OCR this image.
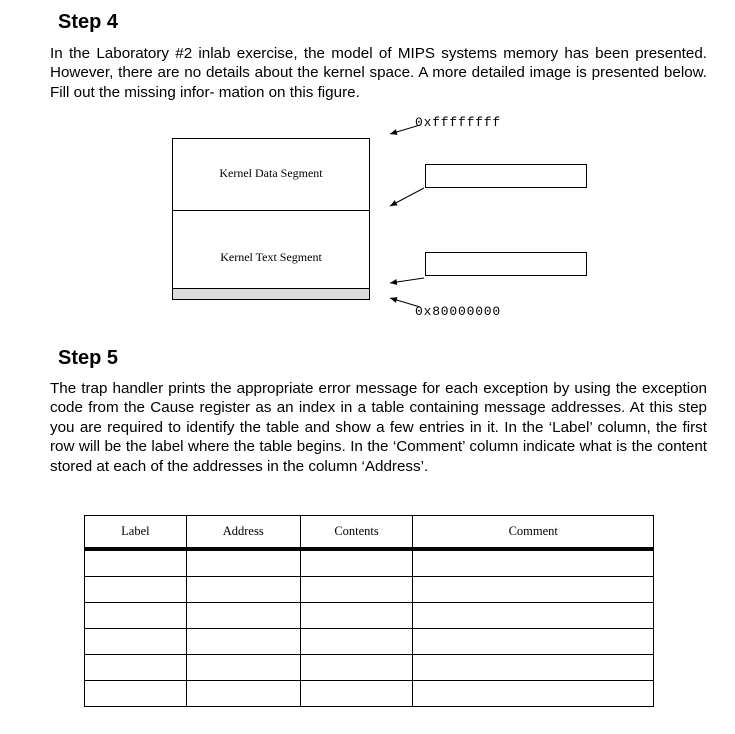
Step 4
In the Laboratory #2 inlab exercise, the model of MIPS systems memory has been presented. However, there are no details about the kernel space. A more detailed image is presented below. Fill out the missing infor- mation on this figure.
0xffffffff
Kernel Data Segment
Kernel Text Segment
0x80000000
Step 5
The trap handler prints the appropriate error message for each exception by using the exception code from the Cause register as an index in a table containing message addresses. At this step you are required to identify the table and show a few entries in it. In the ‘Label’ column, the first row will be the label where the table begins. In the ‘Comment’ column indicate what is the content stored at each of the addresses in the column ‘Address’.
Label	Address	Contents	Comment
